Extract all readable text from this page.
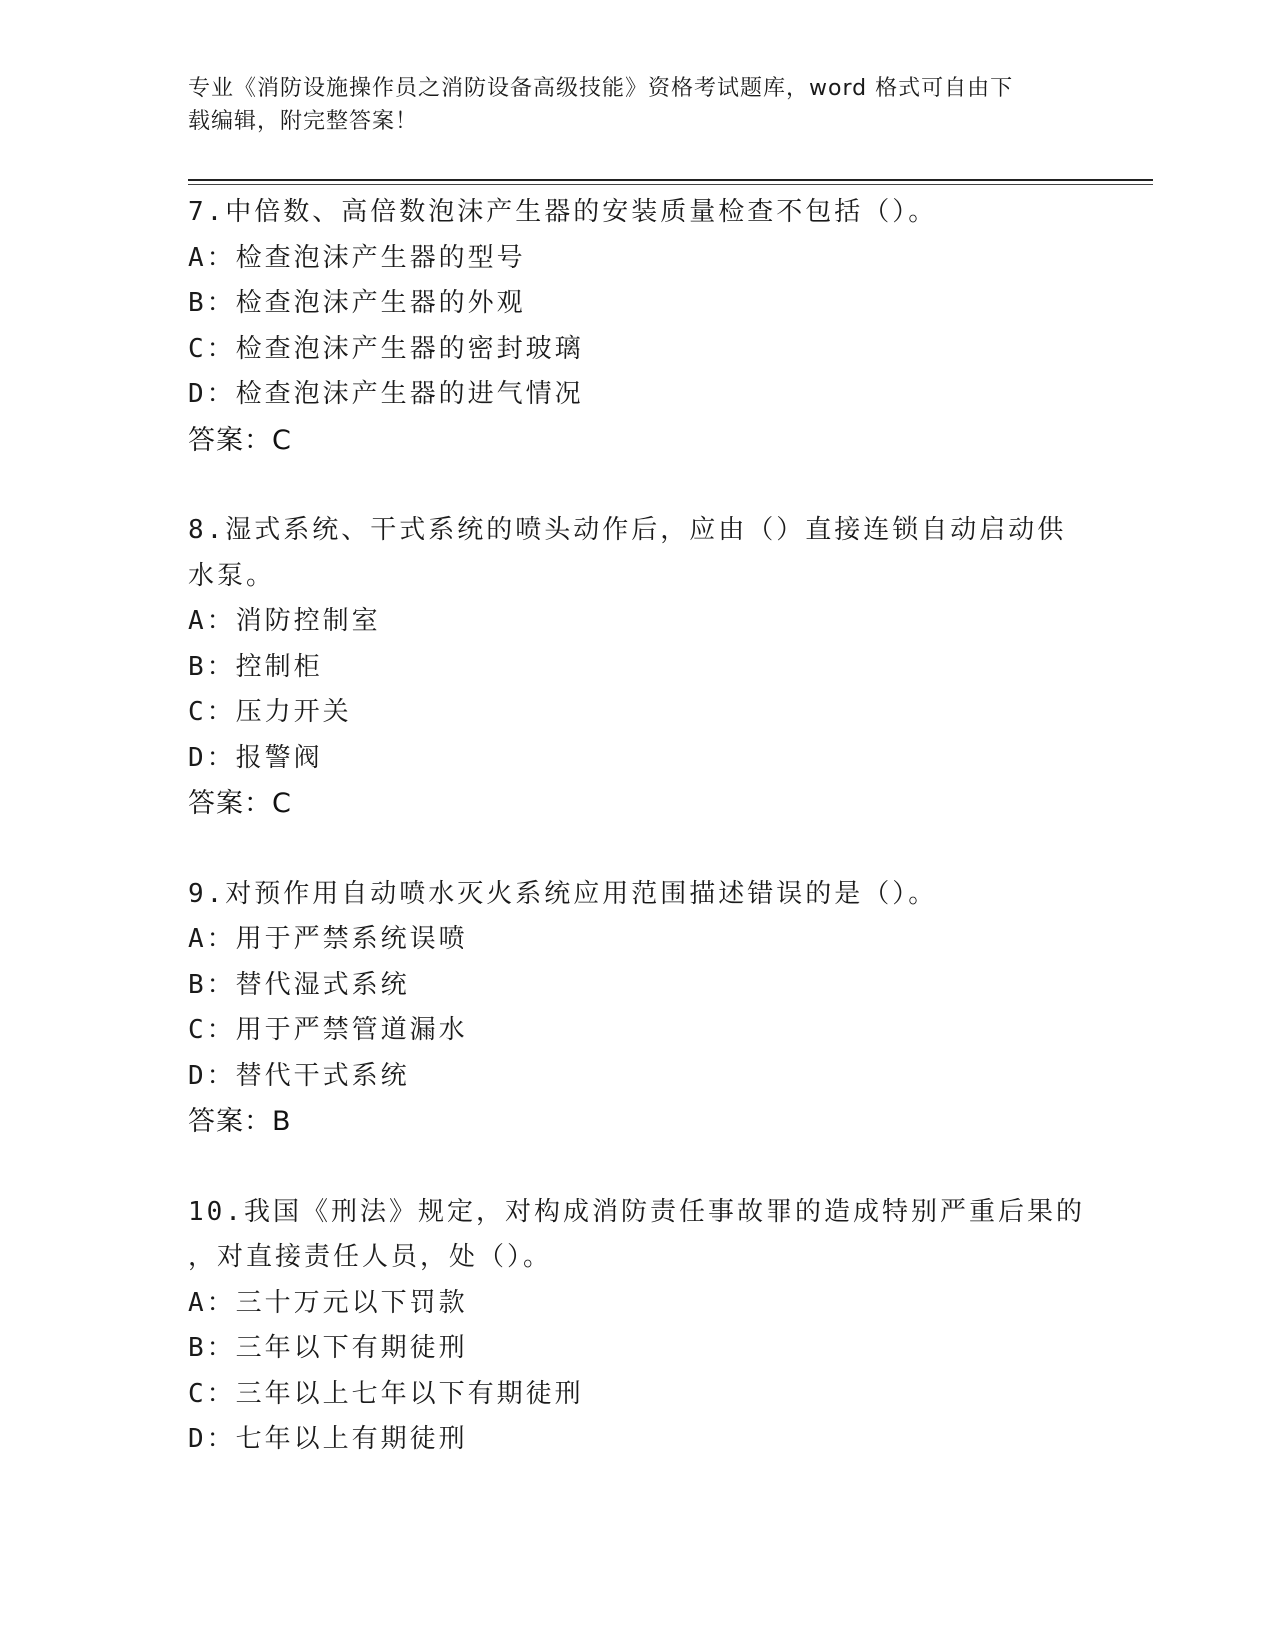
专业《消防设施操作员之消防设备高级技能》资格考试题库，word 格式可自由下
载编辑，附完整答案！
7.中倍数、高倍数泡沫产生器的安装质量检查不包括（）。
A：检查泡沫产生器的型号
B：检查泡沫产生器的外观
C：检查泡沫产生器的密封玻璃
D：检查泡沫产生器的进气情况
答案：C
8.湿式系统、干式系统的喷头动作后，应由（）直接连锁自动启动供
水泵。
A：消防控制室
B：控制柜
C：压力开关
D：报警阀
答案：C
9.对预作用自动喷水灭火系统应用范围描述错误的是（）。
A：用于严禁系统误喷
B：替代湿式系统
C：用于严禁管道漏水
D：替代干式系统
答案：B
10.我国《刑法》规定，对构成消防责任事故罪的造成特别严重后果的
，对直接责任人员，处（）。
A：三十万元以下罚款
B：三年以下有期徒刑
C：三年以上七年以下有期徒刑
D：七年以上有期徒刑
